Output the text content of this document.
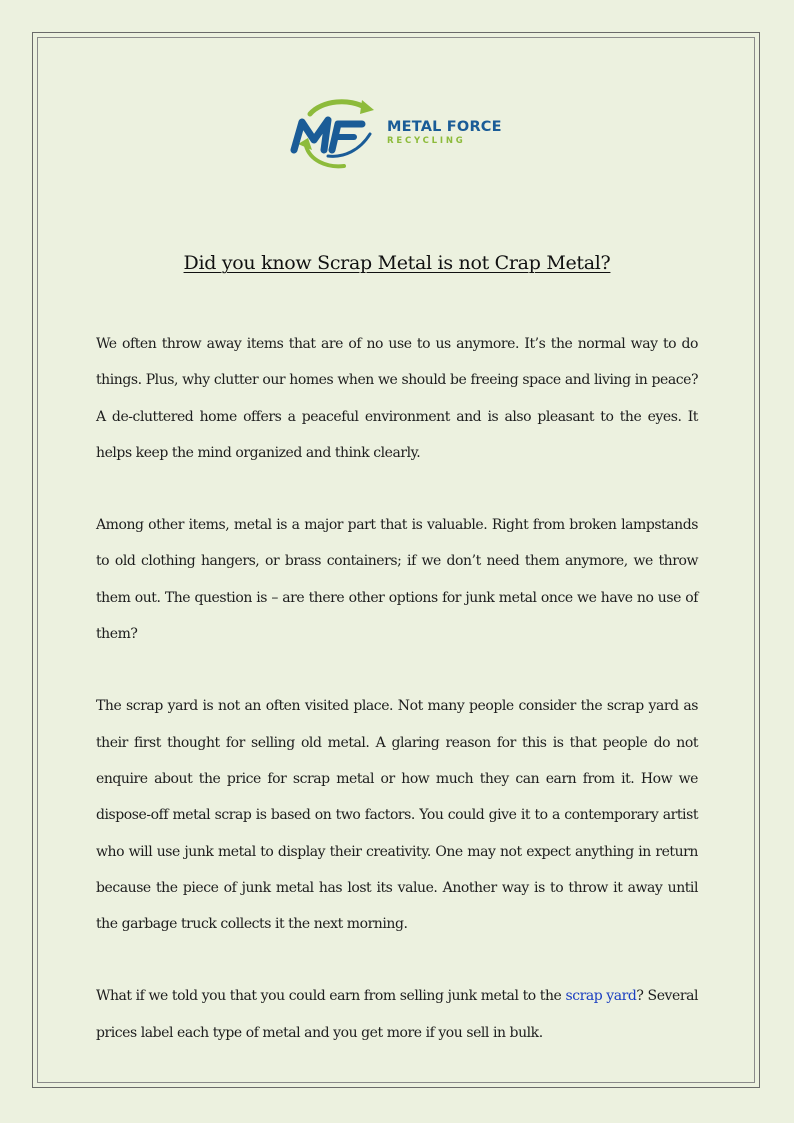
METAL FORCE
RECYCLING
Did you know Scrap Metal is not Crap Metal?

We often throw away items that are of no use to us anymore. It’s the normal way to do things. Plus, why clutter our homes when we should be freeing space and living in peace? A de-cluttered home offers a peaceful environment and is also pleasant to the eyes. It helps keep the mind organized and think clearly.

Among other items, metal is a major part that is valuable. Right from broken lampstands to old clothing hangers, or brass containers; if we don’t need them anymore, we throw them out. The question is – are there other options for junk metal once we have no use of them?

The scrap yard is not an often visited place. Not many people consider the scrap yard as their first thought for selling old metal. A glaring reason for this is that people do not enquire about the price for scrap metal or how much they can earn from it. How we dispose-off metal scrap is based on two factors. You could give it to a contemporary artist who will use junk metal to display their creativity. One may not expect anything in return because the piece of junk metal has lost its value. Another way is to throw it away until the garbage truck collects it the next morning.

What if we told you that you could earn from selling junk metal to the scrap yard? Several prices label each type of metal and you get more if you sell in bulk.
